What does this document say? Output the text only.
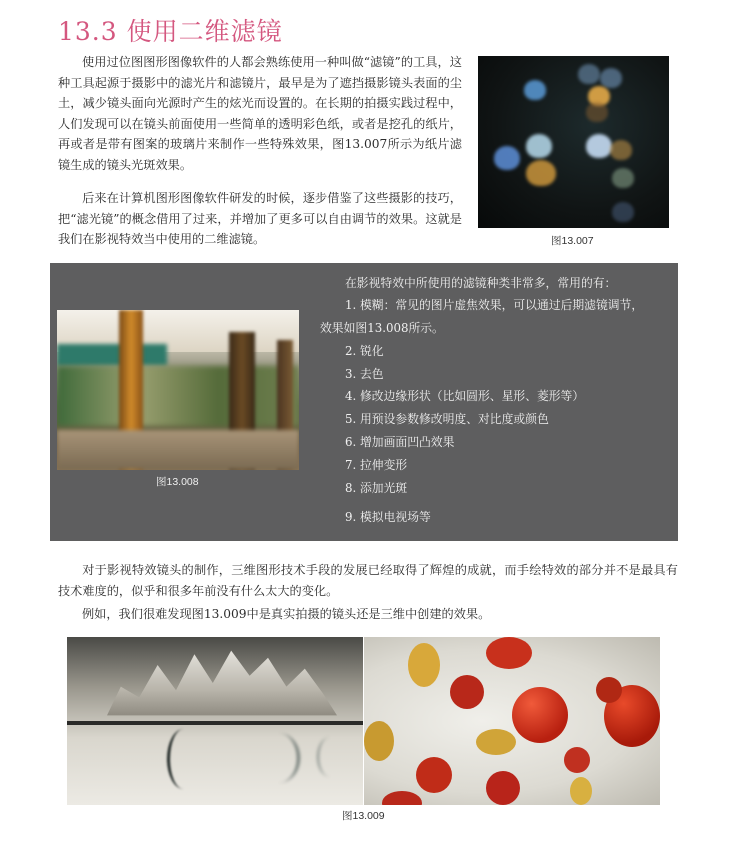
13.3 使用二维滤镜
使用过位图图形图像软件的人都会熟练使用一种叫做“滤镜”的工具，这种工具起源于摄影中的滤光片和滤镜片，最早是为了遮挡摄影镜头表面的尘土，减少镜头面向光源时产生的炫光而设置的。在长期的拍摄实践过程中，人们发现可以在镜头前面使用一些简单的透明彩色纸，或者是挖孔的纸片，再或者是带有图案的玻璃片来制作一些特殊效果，图13.007所示为纸片滤镜生成的镜头光斑效果。
后来在计算机图形图像软件研发的时候，逐步借鉴了这些摄影的技巧，把“滤光镜”的概念借用了过来，并增加了更多可以自由调节的效果。这就是我们在影视特效当中使用的二维滤镜。	图13.007
图13.008
在影视特效中所使用的滤镜种类非常多，常用的有：
1. 模糊：常见的图片虚焦效果，可以通过后期滤镜调节，
效果如图13.008所示。
2. 锐化
3. 去色
4. 修改边缘形状（比如圆形、星形、菱形等）
5. 用预设参数修改明度、对比度或颜色
6. 增加画面凹凸效果
7. 拉伸变形
8. 添加光斑
9. 模拟电视场等
对于影视特效镜头的制作，三维图形技术手段的发展已经取得了辉煌的成就，而手绘特效的部分并不是最具有技术难度的，似乎和很多年前没有什么太大的变化。
例如，我们很难发现图13.009中是真实拍摄的镜头还是三维中创建的效果。
图13.009
